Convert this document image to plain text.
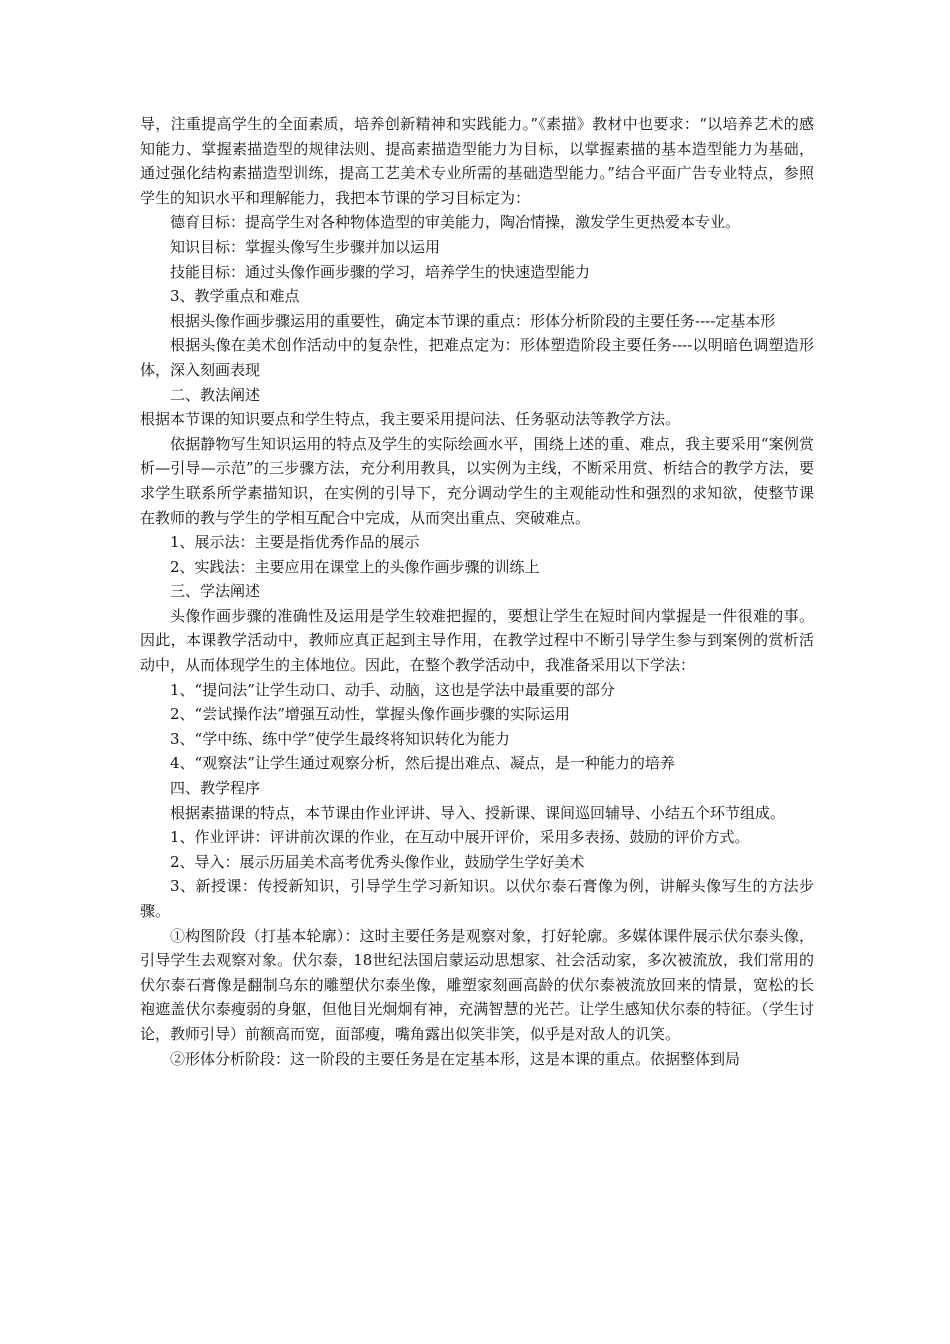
导，注重提高学生的全面素质，培养创新精神和实践能力。”《素描》教材中也要求：“以培养艺术的感知能力、掌握素描造型的规律法则、提高素描造型能力为目标，以掌握素描的基本造型能力为基础，通过强化结构素描造型训练，提高工艺美术专业所需的基础造型能力。”结合平面广告专业特点，参照学生的知识水平和理解能力，我把本节课的学习目标定为：

德育目标：提高学生对各种物体造型的审美能力，陶冶情操，激发学生更热爱本专业。

知识目标：掌握头像写生步骤并加以运用

技能目标：通过头像作画步骤的学习，培养学生的快速造型能力

3、教学重点和难点

根据头像作画步骤运用的重要性，确定本节课的重点：形体分析阶段的主要任务----定基本形

根据头像在美术创作活动中的复杂性，把难点定为：形体塑造阶段主要任务----以明暗色调塑造形体，深入刻画表现

二、教法阐述

根据本节课的知识要点和学生特点，我主要采用提问法、任务驱动法等教学方法。

依据静物写生知识运用的特点及学生的实际绘画水平，围绕上述的重、难点，我主要采用“案例赏析—引导—示范”的三步骤方法，充分利用教具，以实例为主线，不断采用赏、析结合的教学方法，要求学生联系所学素描知识，在实例的引导下，充分调动学生的主观能动性和强烈的求知欲，使整节课在教师的教与学生的学相互配合中完成，从而突出重点、突破难点。

1、展示法：主要是指优秀作品的展示

2、实践法：主要应用在课堂上的头像作画步骤的训练上

三、学法阐述

头像作画步骤的准确性及运用是学生较难把握的，要想让学生在短时间内掌握是一件很难的事。因此，本课教学活动中，教师应真正起到主导作用，在教学过程中不断引导学生参与到案例的赏析活动中，从而体现学生的主体地位。因此，在整个教学活动中，我准备采用以下学法：

1、“提问法”让学生动口、动手、动脑，这也是学法中最重要的部分

2、“尝试操作法”增强互动性，掌握头像作画步骤的实际运用

3、“学中练、练中学”使学生最终将知识转化为能力

4、“观察法”让学生通过观察分析，然后提出难点、凝点，是一种能力的培养

四、教学程序

根据素描课的特点，本节课由作业评讲、导入、授新课、课间巡回辅导、小结五个环节组成。

1、作业评讲：评讲前次课的作业，在互动中展开评价，采用多表扬、鼓励的评价方式。

2、导入：展示历届美术高考优秀头像作业，鼓励学生学好美术

3、新授课：传授新知识，引导学生学习新知识。以伏尔泰石膏像为例，讲解头像写生的方法步骤。

①构图阶段（打基本轮廓）：这时主要任务是观察对象，打好轮廓。多媒体课件展示伏尔泰头像，引导学生去观察对象。伏尔泰，18世纪法国启蒙运动思想家、社会活动家，多次被流放，我们常用的伏尔泰石膏像是翻制乌东的雕塑伏尔泰坐像，雕塑家刻画高龄的伏尔泰被流放回来的情景，宽松的长袍遮盖伏尔泰瘦弱的身躯，但他目光炯炯有神，充满智慧的光芒。让学生感知伏尔泰的特征。（学生讨论，教师引导）前额高而宽，面部瘦，嘴角露出似笑非笑，似乎是对敌人的讥笑。

②形体分析阶段：这一阶段的主要任务是在定基本形，这是本课的重点。依据整体到局
